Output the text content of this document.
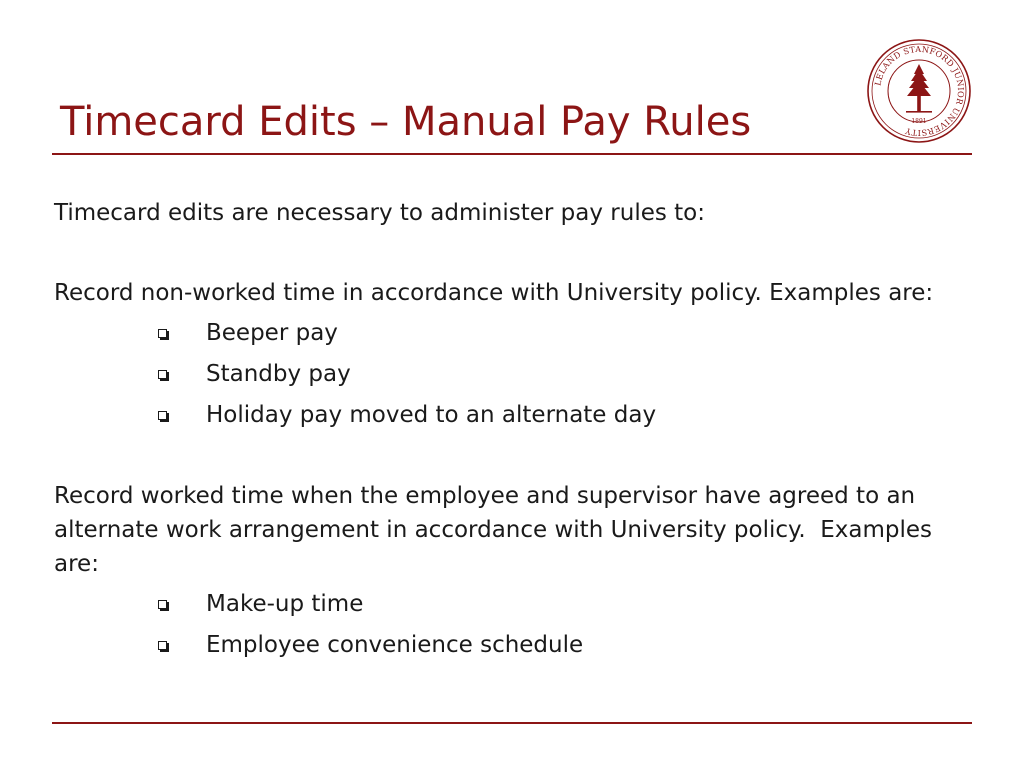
Timecard Edits – Manual Pay Rules
LELAND STANFORD JUNIOR UNIVERSITY
1891

Timecard edits are necessary to administer pay rules to:

Record non-worked time in accordance with University policy. Examples are:

Beeper pay
Standby pay
Holiday pay moved to an alternate day

Record worked time when the employee and supervisor have agreed to an alternate work arrangement in accordance with University policy.  Examples are:

Make-up time
Employee convenience schedule
